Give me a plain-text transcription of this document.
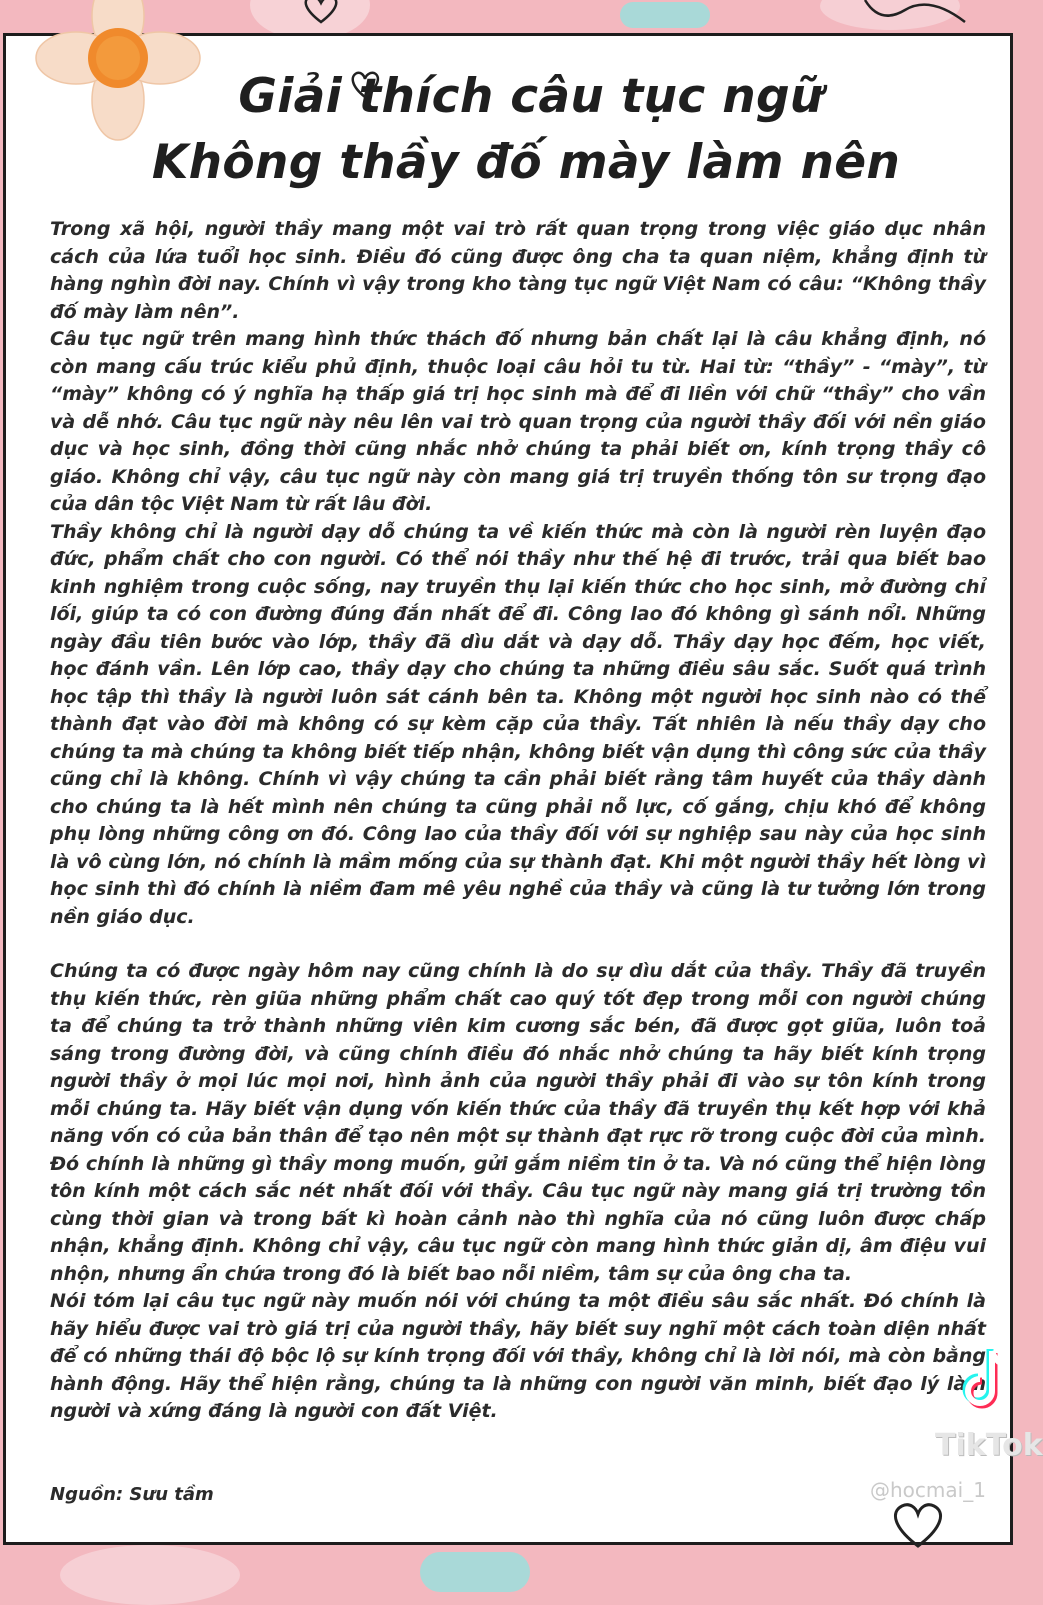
Giải thích câu tục ngữ
Không thầy đố mày làm nên

Trong xã hội, người thầy mang một vai trò rất quan trọng trong việc giáo dục nhân cách của lứa tuổi học sinh. Điều đó cũng được ông cha ta quan niệm, khẳng định từ hàng nghìn đời nay. Chính vì vậy trong kho tàng tục ngữ Việt Nam có câu: “Không thầy đố mày làm nên”.

Câu tục ngữ trên mang hình thức thách đố nhưng bản chất lại là câu khẳng định, nó còn mang cấu trúc kiểu phủ định, thuộc loại câu hỏi tu từ. Hai từ: “thầy” - “mày”, từ “mày” không có ý nghĩa hạ thấp giá trị học sinh mà để đi liền với chữ “thầy” cho vần và dễ nhớ. Câu tục ngữ này nêu lên vai trò quan trọng của người thầy đối với nền giáo dục và học sinh, đồng thời cũng nhắc nhở chúng ta phải biết ơn, kính trọng thầy cô giáo. Không chỉ vậy, câu tục ngữ này còn mang giá trị truyền thống tôn sư trọng đạo của dân tộc Việt Nam từ rất lâu đời.

Thầy không chỉ là người dạy dỗ chúng ta về kiến thức mà còn là người rèn luyện đạo đức, phẩm chất cho con người. Có thể nói thầy như thế hệ đi trước, trải qua biết bao kinh nghiệm trong cuộc sống, nay truyền thụ lại kiến thức cho học sinh, mở đường chỉ lối, giúp ta có con đường đúng đắn nhất để đi. Công lao đó không gì sánh nổi. Những ngày đầu tiên bước vào lớp, thầy đã dìu dắt và dạy dỗ. Thầy dạy học đếm, học viết, học đánh vần. Lên lớp cao, thầy dạy cho chúng ta những điều sâu sắc. Suốt quá trình học tập thì thầy là người luôn sát cánh bên ta. Không một người học sinh nào có thể thành đạt vào đời mà không có sự kèm cặp của thầy. Tất nhiên là nếu thầy dạy cho chúng ta mà chúng ta không biết tiếp nhận, không biết vận dụng thì công sức của thầy cũng chỉ là không. Chính vì vậy chúng ta cần phải biết rằng tâm huyết của thầy dành cho chúng ta là hết mình nên chúng ta cũng phải nỗ lực, cố gắng, chịu khó để không phụ lòng những công ơn đó. Công lao của thầy đối với sự nghiệp sau này của học sinh là vô cùng lớn, nó chính là mầm mống của sự thành đạt. Khi một người thầy hết lòng vì học sinh thì đó chính là niềm đam mê yêu nghề của thầy và cũng là tư tưởng lớn trong nền giáo dục.

Chúng ta có được ngày hôm nay cũng chính là do sự dìu dắt của thầy. Thầy đã truyền thụ kiến thức, rèn giũa những phẩm chất cao quý tốt đẹp trong mỗi con người chúng ta để chúng ta trở thành những viên kim cương sắc bén, đã được gọt giũa, luôn toả sáng trong đường đời, và cũng chính điều đó nhắc nhở chúng ta hãy biết kính trọng người thầy ở mọi lúc mọi nơi, hình ảnh của người thầy phải đi vào sự tôn kính trong mỗi chúng ta. Hãy biết vận dụng vốn kiến thức của thầy đã truyền thụ kết hợp với khả năng vốn có của bản thân để tạo nên một sự thành đạt rực rỡ trong cuộc đời của mình. Đó chính là những gì thầy mong muốn, gửi gắm niềm tin ở ta. Và nó cũng thể hiện lòng tôn kính một cách sắc nét nhất đối với thầy. Câu tục ngữ này mang giá trị trường tồn cùng thời gian và trong bất kì hoàn cảnh nào thì nghĩa của nó cũng luôn được chấp nhận, khẳng định. Không chỉ vậy, câu tục ngữ còn mang hình thức giản dị, âm điệu vui nhộn, nhưng ẩn chứa trong đó là biết bao nỗi niềm, tâm sự của ông cha ta.

Nói tóm lại câu tục ngữ này muốn nói với chúng ta một điều sâu sắc nhất. Đó chính là hãy hiểu được vai trò giá trị của người thầy, hãy biết suy nghĩ một cách toàn diện nhất để có những thái độ bộc lộ sự kính trọng đối với thầy, không chỉ là lời nói, mà còn bằng hành động. Hãy thể hiện rằng, chúng ta là những con người văn minh, biết đạo lý làm người và xứng đáng là người con đất Việt.

Nguồn: Sưu tầm
TikTok
@hocmai_1
